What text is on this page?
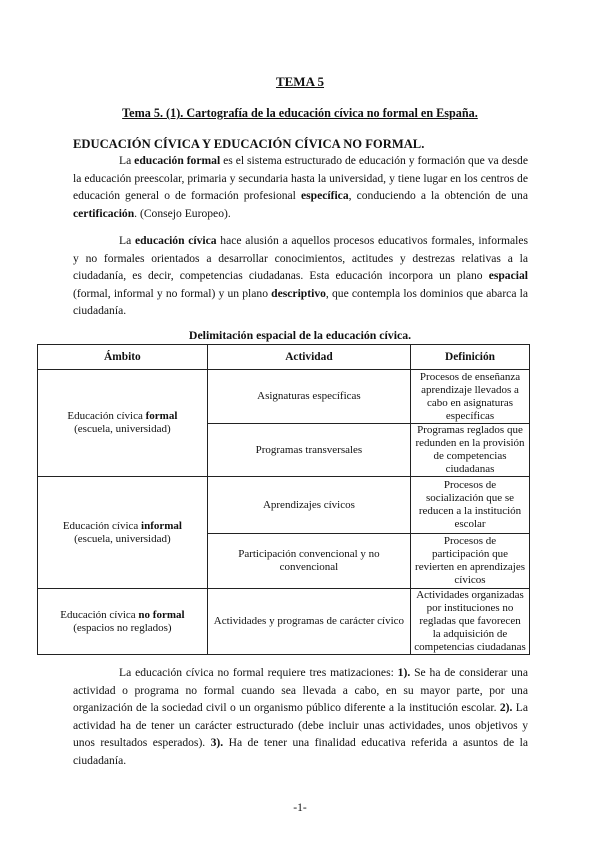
TEMA 5
Tema 5. (1). Cartografía de la educación cívica no formal en España.
EDUCACIÓN CÍVICA Y EDUCACIÓN CÍVICA NO FORMAL.
La educación formal es el sistema estructurado de educación y formación que va desde la educación preescolar, primaria y secundaria hasta la universidad, y tiene lugar en los centros de educación general o de formación profesional específica, conduciendo a la obtención de una certificación. (Consejo Europeo).
La educación cívica hace alusión a aquellos procesos educativos formales, informales y no formales orientados a desarrollar conocimientos, actitudes y destrezas relativas a la ciudadanía, es decir, competencias ciudadanas. Esta educación incorpora un plano espacial (formal, informal y no formal) y un plano descriptivo, que contempla los dominios que abarca la ciudadanía.
Delimitación espacial de la educación cívica.
Ámbito	Actividad	Definición
Educación cívica formal
(escuela, universidad)	Asignaturas específicas	Procesos de enseñanza aprendizaje llevados a cabo en asignaturas específicas
	Programas transversales	Programas reglados que redunden en la provisión de competencias ciudadanas
Educación cívica informal
(escuela, universidad)	Aprendizajes cívicos	Procesos de socialización que se reducen a la institución escolar
	Participación convencional y no convencional	Procesos de participación que revierten en aprendizajes cívicos
Educación cívica no formal
(espacios no reglados)	Actividades y programas de carácter cívico	Actividades organizadas por instituciones no regladas que favorecen la adquisición de competencias ciudadanas
La educación cívica no formal requiere tres matizaciones: 1). Se ha de considerar una actividad o programa no formal cuando sea llevada a cabo, en su mayor parte, por una organización de la sociedad civil o un organismo público diferente a la institución escolar. 2). La actividad ha de tener un carácter estructurado (debe incluir unas actividades, unos objetivos y unos resultados esperados). 3). Ha de tener una finalidad educativa referida a asuntos de la ciudadanía.
-1-
